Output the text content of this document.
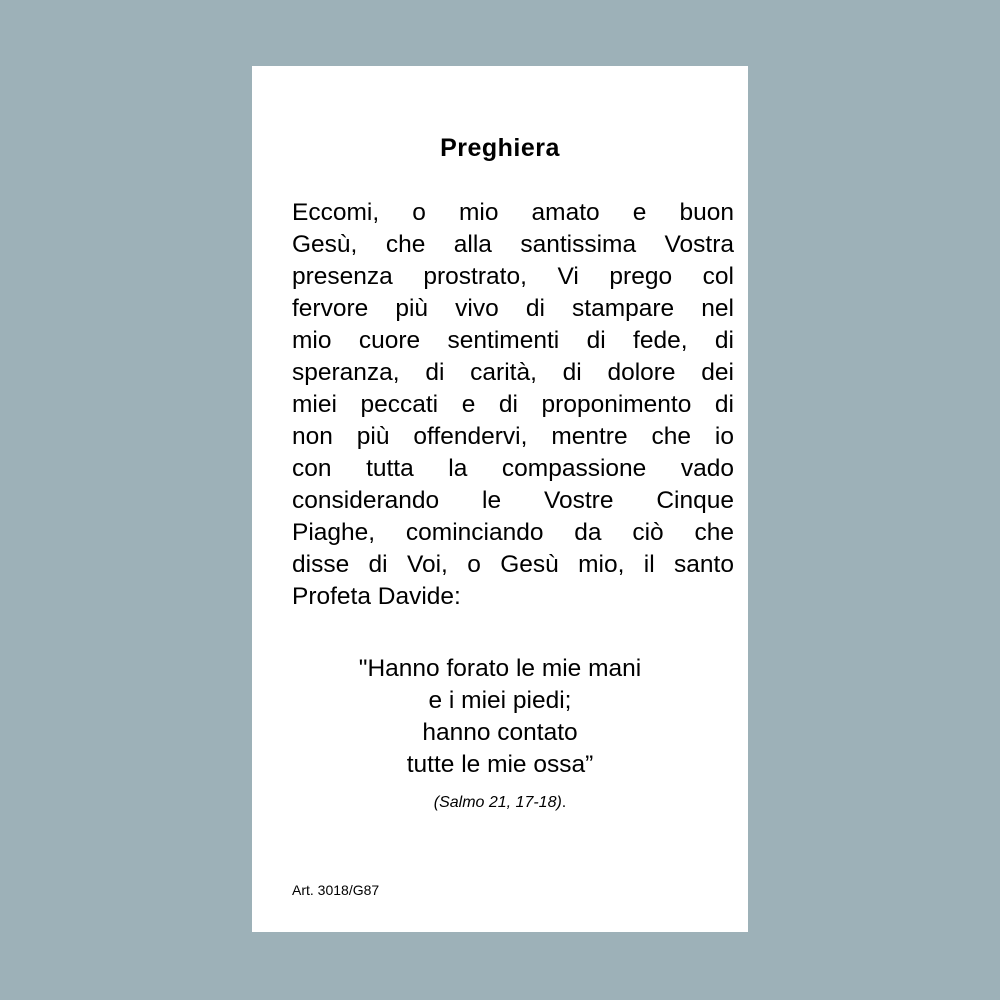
Preghiera
Eccomi, o mio amato e buon
Gesù, che alla santissima Vostra
presenza prostrato, Vi prego col
fervore più vivo di stampare nel
mio cuore sentimenti di fede, di
speranza, di carità, di dolore dei
miei peccati e di proponimento di
non più offendervi, mentre che io
con tutta la compassione vado
considerando le Vostre Cinque
Piaghe, cominciando da ciò che
disse di Voi, o Gesù mio, il santo
Profeta Davide:
"Hanno forato le mie mani
e i miei piedi;
hanno contato
tutte le mie ossa”
(Salmo 21, 17-18).
Art. 3018/G87
